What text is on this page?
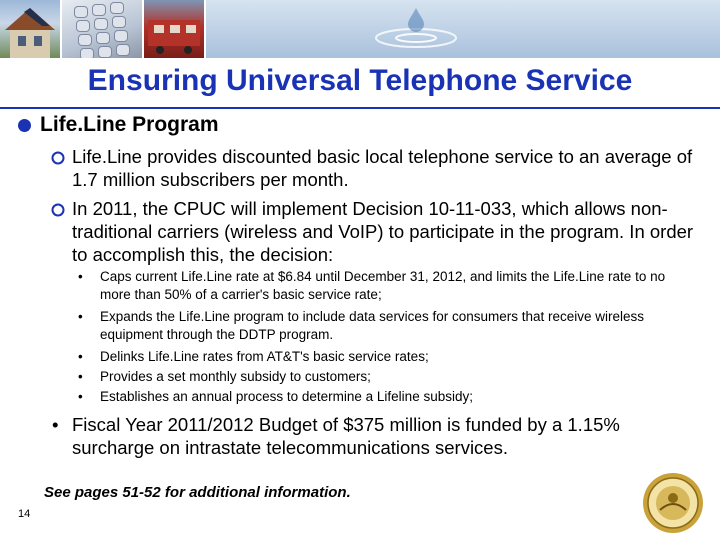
Ensuring Universal Telephone Service
Life.Line Program
Life.Line provides discounted basic local telephone service to an average of 1.7 million subscribers per month.
In 2011, the CPUC will implement Decision 10-11-033, which allows non-traditional carriers (wireless and VoIP) to participate in the program. In order to accomplish this, the decision:
• Caps current Life.Line rate at $6.84 until December 31, 2012, and limits the Life.Line rate to no more than 50% of a carrier's basic service rate;
• Expands the Life.Line program to include data services for consumers that receive wireless equipment through the DDTP program.
• Delinks Life.Line rates from AT&T's basic service rates;
• Provides a set monthly subsidy to customers;
• Establishes an annual process to determine a Lifeline subsidy;
• Fiscal Year 2011/2012 Budget of $375 million is funded by a 1.15% surcharge on intrastate telecommunications services.
See pages 51-52 for additional information.
14
